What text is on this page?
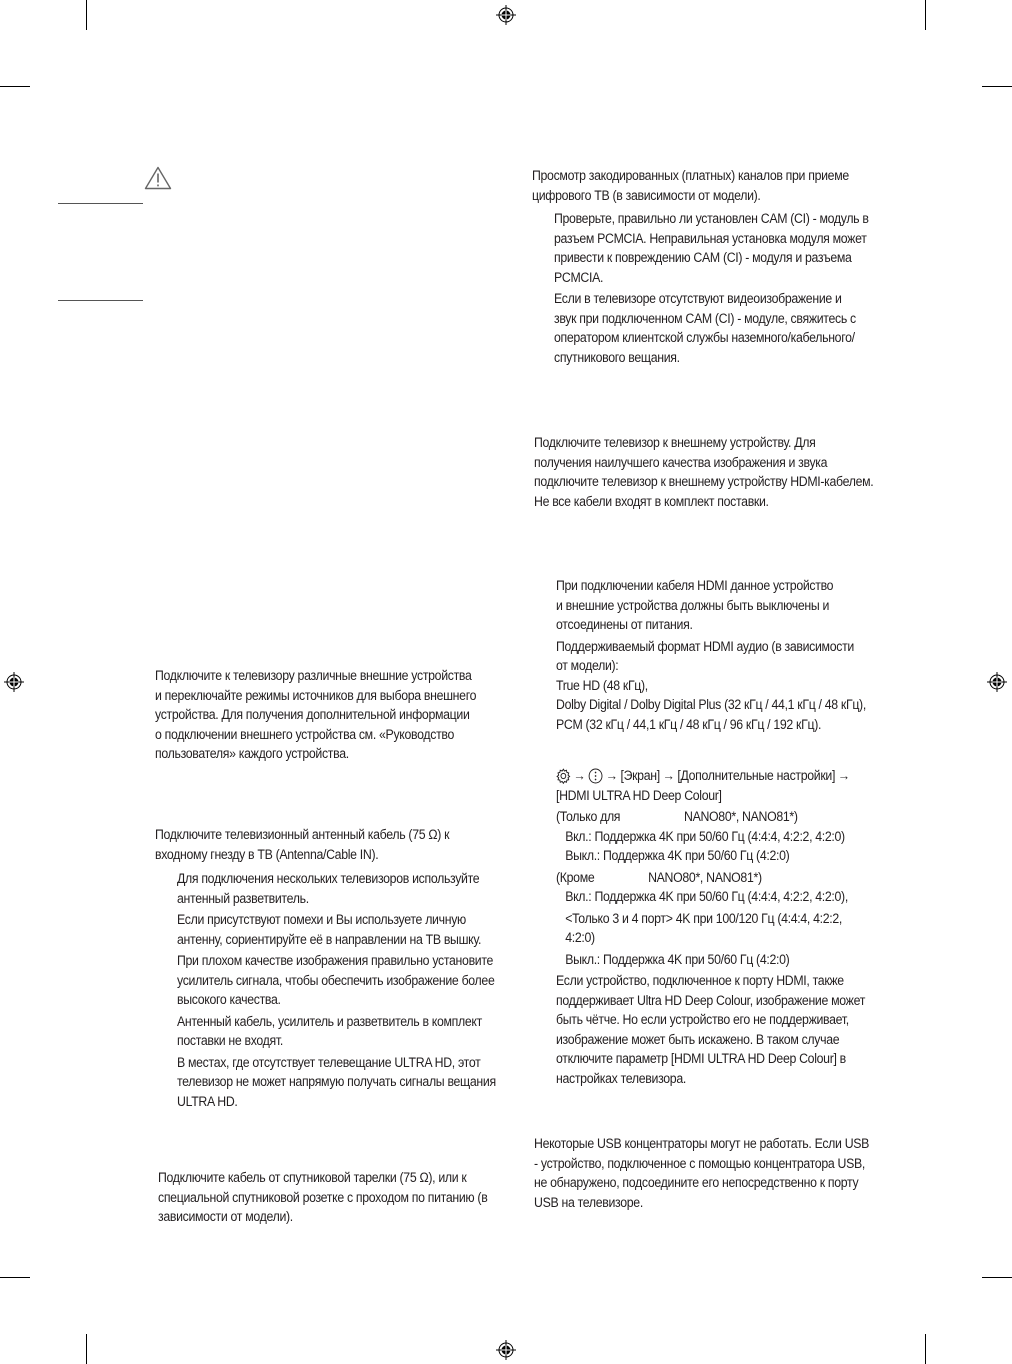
Подключите к телевизору различные внешние устройства
и переключайте режимы источников для выбора внешнего
устройства. Для получения дополнительной информации
о подключении внешнего устройства см. «Руководство
пользователя» каждого устройства.
Подключите телевизионный антенный кабель (75 Ω) к
входному гнезду в ТВ (Antenna/Cable IN).
Для подключения нескольких телевизоров используйте
антенный разветвитель.
Если присутствуют помехи и Вы используете личную
антенну, сориентируйте её в направлении на ТВ вышку.
При плохом качестве изображения правильно установите
усилитель сигнала, чтобы обеспечить изображение более
высокого качества.
Антенный кабель, усилитель и разветвитель в комплект
поставки не входят.
В местах, где отсутствует телевещание ULTRA HD, этот
телевизор не может напрямую получать сигналы вещания
ULTRA HD.
Подключите кабель от спутниковой тарелки (75 Ω), или к
специальной спутниковой розетке с проходом по питанию (в
зависимости от модели).
Просмотр закодированных (платных) каналов при приеме
цифрового ТВ (в зависимости от модели).
Проверьте, правильно ли установлен CAM (CI) - модуль в
разъем PCMCIA. Неправильная установка модуля может
привести к повреждению CAM (CI) - модуля и разъема
PCMCIA.
Если в телевизоре отсутствуют видеоизображение и
звук при подключенном CAM (CI) - модуле, свяжитесь с
оператором клиентской службы наземного/кабельного/
спутникового вещания.
Подключите телевизор к внешнему устройству. Для
получения наилучшего качества изображения и звука
подключите телевизор к внешнему устройству HDMI-кабелем.
Не все кабели входят в комплект поставки.
При подключении кабеля HDMI данное устройство
и внешние устройства должны быть выключены и
отсоединены от питания.
Поддерживаемый формат HDMI аудио (в зависимости
от модели):
True HD (48 кГц),
Dolby Digital / Dolby Digital Plus (32 кГц / 44,1 кГц / 48 кГц),
PCM (32 кГц / 44,1 кГц / 48 кГц / 96 кГц / 192 кГц).
→ → [Экран] → [Дополнительные настройки] →
[HDMI ULTRA HD Deep Colour]
(Только для	NANO80*, NANO81*)
Вкл.: Поддержка 4K при 50/60 Гц (4:4:4, 4:2:2, 4:2:0)
Выкл.: Поддержка 4K при 50/60 Гц (4:2:0)
(Кроме	NANO80*, NANO81*)
Вкл.: Поддержка 4K при 50/60 Гц (4:4:4, 4:2:2, 4:2:0),
<Только 3 и 4 порт> 4K при 100/120 Гц (4:4:4, 4:2:2,
4:2:0)
Выкл.: Поддержка 4K при 50/60 Гц (4:2:0)
Если устройство, подключенное к порту HDMI, также
поддерживает Ultra HD Deep Colour, изображение может
быть чётче. Но если устройство его не поддерживает,
изображение может быть искажено. В таком случае
отключите параметр [HDMI ULTRA HD Deep Colour] в
настройках телевизора.
Некоторые USB концентраторы могут не работать. Если USB
- устройство, подключенное с помощью концентратора USB,
не обнаружено, подсоедините его непосредственно к порту
USB на телевизоре.
